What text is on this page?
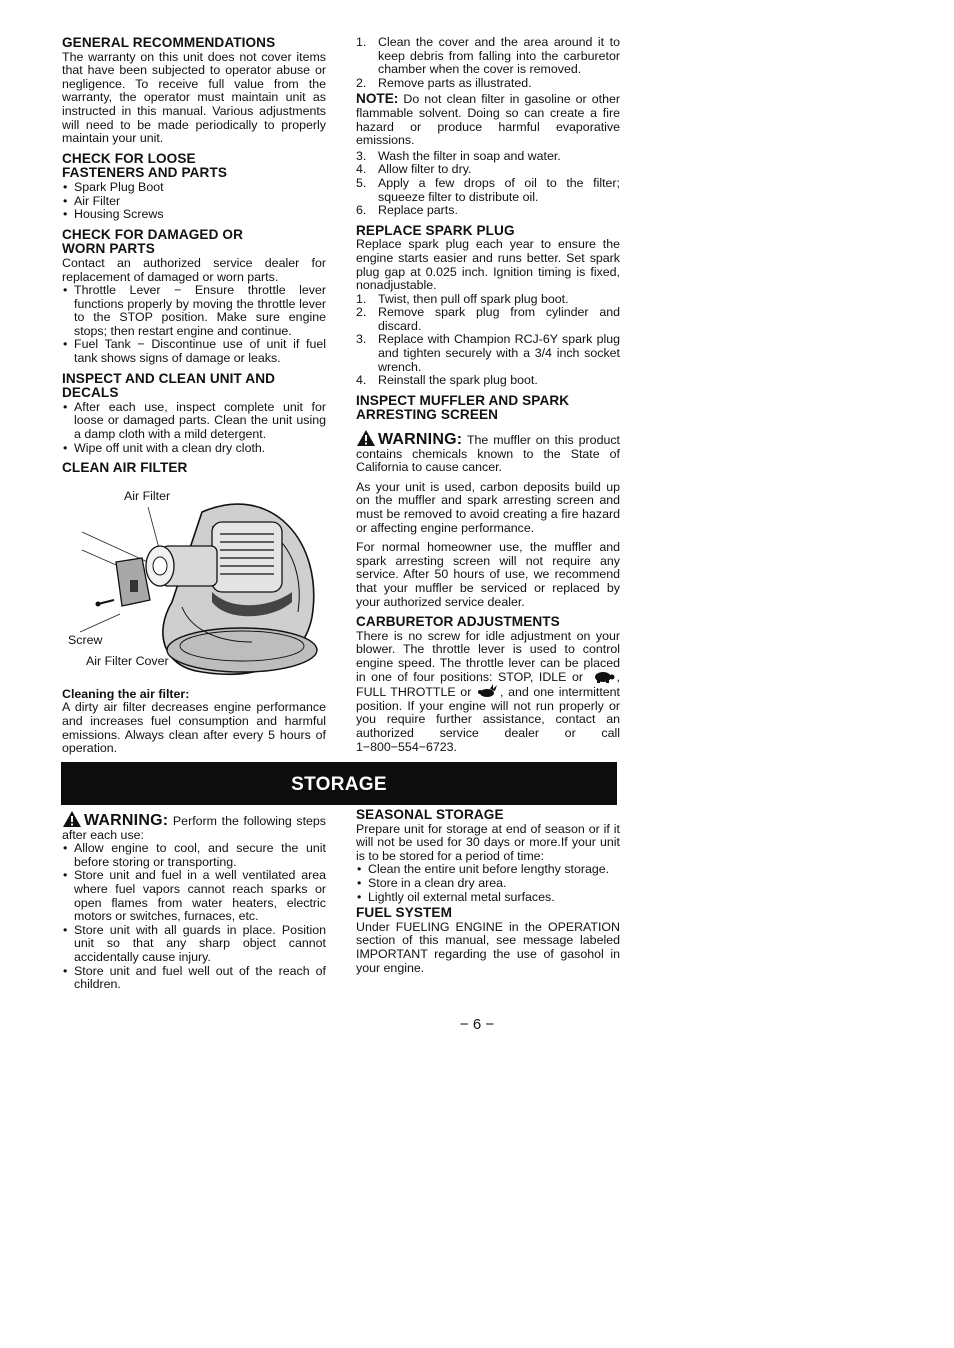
GENERAL RECOMMENDATIONS

The warranty on this unit does not cover items that have been subjected to operator abuse or negligence. To receive full value from the warranty, the operator must maintain unit as instructed in this manual. Various adjustments will need to be made periodically to properly maintain your unit.

CHECK FOR LOOSE
FASTENERS AND PARTS
• Spark Plug Boot
• Air Filter
• Housing Screws
CHECK FOR DAMAGED OR
WORN PARTS

Contact an authorized service dealer for replacement of damaged or worn parts.

• Throttle Lever − Ensure throttle lever functions properly by moving the throttle lever to the STOP position. Make sure engine stops; then restart engine and continue.
• Fuel Tank − Discontinue use of unit if fuel tank shows signs of damage or leaks.
INSPECT AND CLEAN UNIT AND
DECALS
• After each use, inspect complete unit for loose or damaged parts. Clean the unit using a damp cloth with a mild detergent.
• Wipe off unit with a clean dry cloth.
CLEAN AIR FILTER
Air Filter
Screw
Air Filter Cover

Cleaning the air filter:

A dirty air filter decreases engine performance and increases fuel consumption and harmful emissions. Always clean after every 5 hours of operation.

1. Clean the cover and the area around it to keep debris from falling into the carburetor chamber when the cover is removed.
2. Remove parts as illustrated.

NOTE: Do not clean filter in gasoline or other flammable solvent. Doing so can create a fire hazard or produce harmful evaporative emissions.

3. Wash the filter in soap and water.
4. Allow filter to dry.
5. Apply a few drops of oil to the filter; squeeze filter to distribute oil.
6. Replace parts.
REPLACE SPARK PLUG

Replace spark plug each year to ensure the engine starts easier and runs better. Set spark plug gap at 0.025 inch. Ignition timing is fixed, nonadjustable.

1. Twist, then pull off spark plug boot.
2. Remove spark plug from cylinder and discard.
3. Replace with Champion RCJ-6Y spark plug and tighten securely with a 3/4 inch socket wrench.
4. Reinstall the spark plug boot.
INSPECT MUFFLER AND SPARK
ARRESTING SCREEN

WARNING: The muffler on this product contains chemicals known to the State of California to cause cancer.

As your unit is used, carbon deposits build up on the muffler and spark arresting screen and must be removed to avoid creating a fire hazard or affecting engine performance.

For normal homeowner use, the muffler and spark arresting screen will not require any service. After 50 hours of use, we recommend that your muffler be serviced or replaced by your authorized service dealer.

CARBURETOR ADJUSTMENTS

There is no screw for idle adjustment on your blower. The throttle lever is used to control engine speed. The throttle lever can be placed in one of four positions: STOP, IDLE or	, FULL THROTTLE or , and one intermittent position. If your engine will not run properly or you require further assistance, contact an authorized service dealer or call 1−800−554−6723.

STORAGE

WARNING: Perform the following steps after each use:

• Allow engine to cool, and secure the unit before storing or transporting.
• Store unit and fuel in a well ventilated area where fuel vapors cannot reach sparks or open flames from water heaters, electric motors or switches, furnaces, etc.
• Store unit with all guards in place. Position unit so that any sharp object cannot accidentally cause injury.
• Store unit and fuel well out of the reach of children.
SEASONAL STORAGE

Prepare unit for storage at end of season or if it will not be used for 30 days or more.If your unit is to be stored for a period of time:

• Clean the entire unit before lengthy storage.
• Store in a clean dry area.
• Lightly oil external metal surfaces.
FUEL SYSTEM

Under FUELING ENGINE in the OPERATION section of this manual, see message labeled IMPORTANT regarding the use of gasohol in your engine.

− 6 −
